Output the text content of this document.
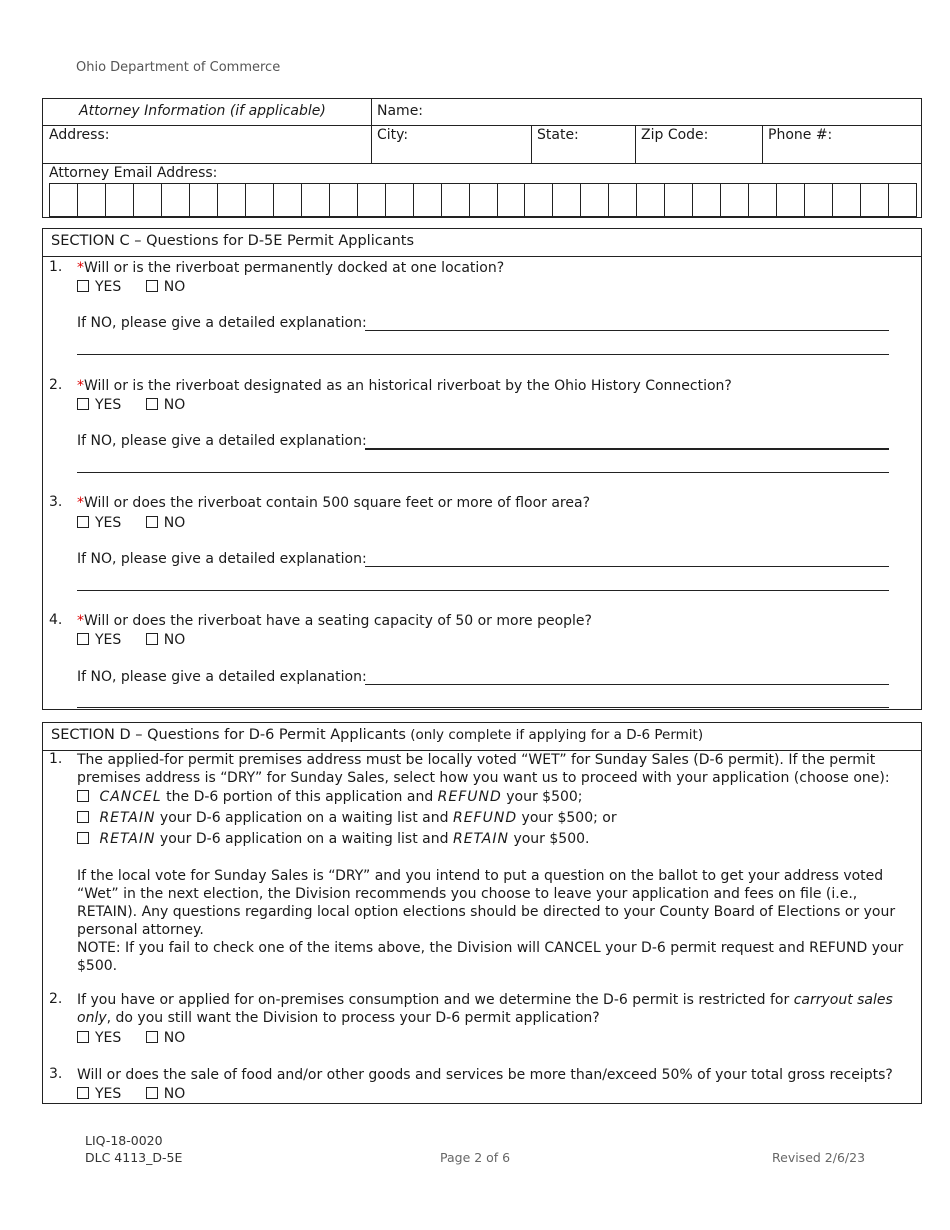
Ohio Department of Commerce
Attorney Information (if applicable)	Name:
Address:	City:	State:	Zip Code:	Phone #:
Attorney Email Address:
SECTION C – Questions for D-5E Permit Applicants
1. *Will or is the riverboat permanently docked at one location?
YES	NO
If NO, please give a detailed explanation:
2. *Will or is the riverboat designated as an historical riverboat by the Ohio History Connection?
YES	NO
If NO, please give a detailed explanation:
3. *Will or does the riverboat contain 500 square feet or more of floor area?
YES	NO
If NO, please give a detailed explanation:
4. *Will or does the riverboat have a seating capacity of 50 or more people?
YES	NO
If NO, please give a detailed explanation:
SECTION D – Questions for D-6 Permit Applicants (only complete if applying for a D-6 Permit)
1. The applied-for permit premises address must be locally voted “WET” for Sunday Sales (D-6 permit). If the permit premises address is “DRY” for Sunday Sales, select how you want us to proceed with your application (choose one):
CANCEL the D-6 portion of this application and REFUND your $500;
RETAIN your D-6 application on a waiting list and REFUND your $500; or
RETAIN your D-6 application on a waiting list and RETAIN your $500.
If the local vote for Sunday Sales is “DRY” and you intend to put a question on the ballot to get your address voted “Wet” in the next election, the Division recommends you choose to leave your application and fees on file (i.e., RETAIN). Any questions regarding local option elections should be directed to your County Board of Elections or your personal attorney.
NOTE: If you fail to check one of the items above, the Division will CANCEL your D-6 permit request and REFUND your $500.
2. If you have or applied for on-premises consumption and we determine the D-6 permit is restricted for carryout sales only, do you still want the Division to process your D-6 permit application?
YES	NO
3. Will or does the sale of food and/or other goods and services be more than/exceed 50% of your total gross receipts?
YES	NO
LIQ-18-0020
DLC 4113_D-5E	Page 2 of 6	Revised 2/6/23
